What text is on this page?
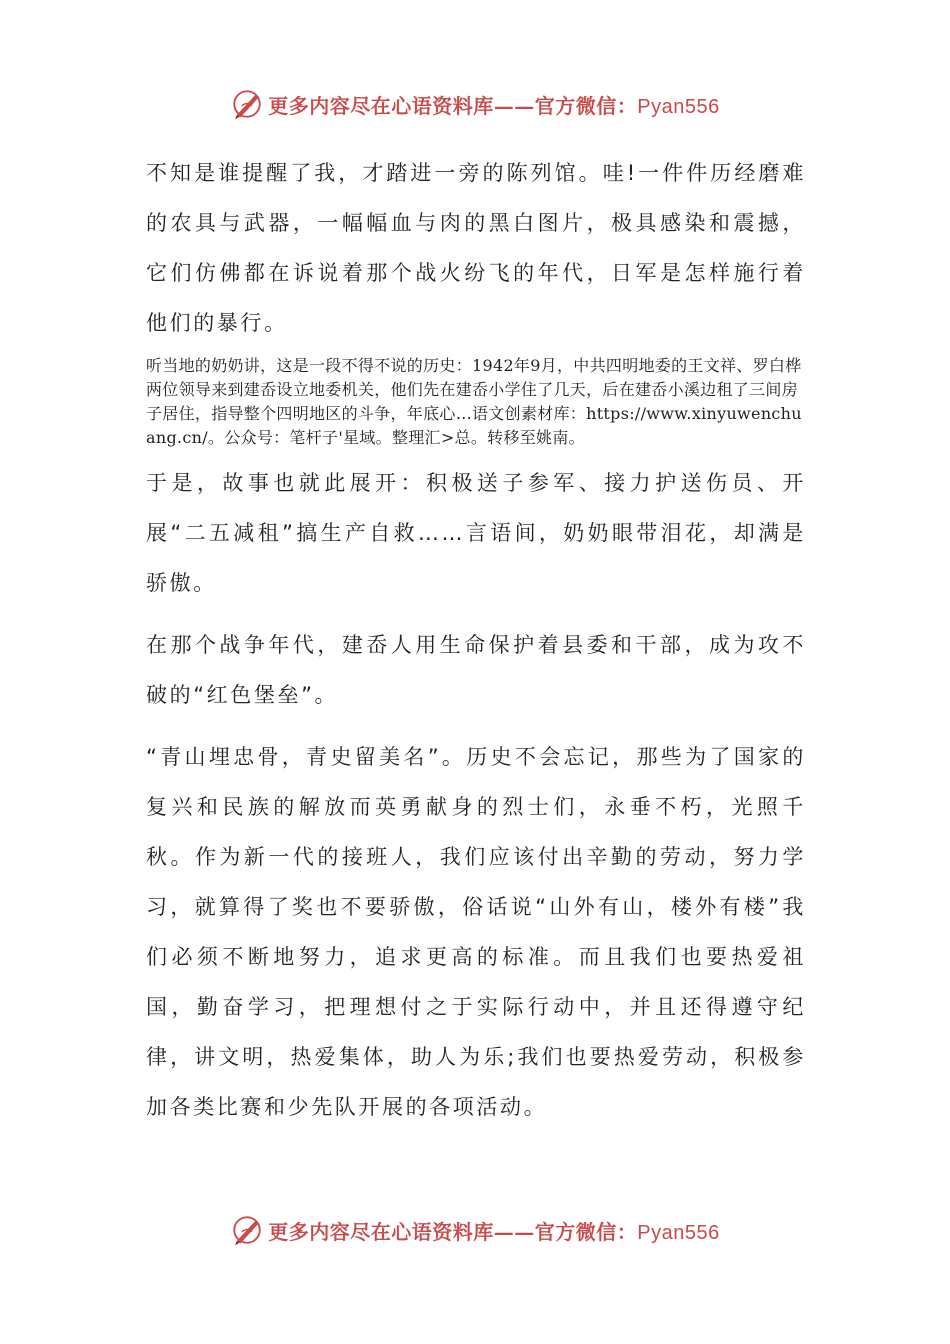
更多内容尽在心语资料库——官方微信：Pyan556

不知是谁提醒了我，才踏进一旁的陈列馆。哇!一件件历经磨难的农具与武器，一幅幅血与肉的黑白图片，极具感染和震撼，它们仿佛都在诉说着那个战火纷飞的年代，日军是怎样施行着他们的暴行。

听当地的奶奶讲，这是一段不得不说的历史：1942年9月，中共四明地委的王文祥、罗白桦两位领导来到建岙设立地委机关，他们先在建岙小学住了几天，后在建岙小溪边租了三间房子居住，指导整个四明地区的斗争，年底心…语文创素材库：https://www.xinyuwenchuang.cn/。公众号：笔杆子'星域。整理汇>总。转移至姚南。

于是，故事也就此展开：积极送子参军、接力护送伤员、开展“二五减租”搞生产自救……言语间，奶奶眼带泪花，却满是骄傲。

在那个战争年代，建岙人用生命保护着县委和干部，成为攻不破的“红色堡垒”。

“青山埋忠骨，青史留美名”。历史不会忘记，那些为了国家的复兴和民族的解放而英勇献身的烈士们，永垂不朽，光照千秋。作为新一代的接班人，我们应该付出辛勤的劳动，努力学习，就算得了奖也不要骄傲，俗话说“山外有山，楼外有楼”我们必须不断地努力，追求更高的标准。而且我们也要热爱祖国，勤奋学习，把理想付之于实际行动中，并且还得遵守纪律，讲文明，热爱集体，助人为乐;我们也要热爱劳动，积极参加各类比赛和少先队开展的各项活动。

更多内容尽在心语资料库——官方微信：Pyan556
